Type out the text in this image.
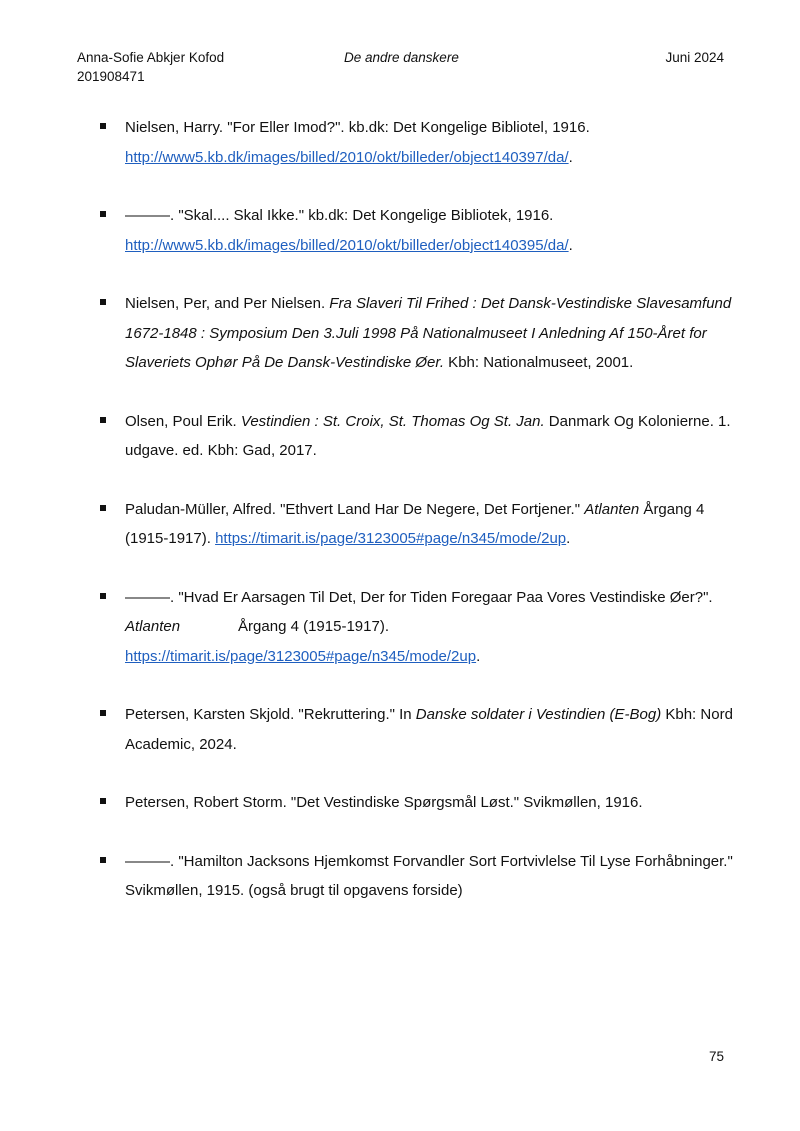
Anna-Sofie Abkjer Kofod
201908471
De andre danskere	Juni 2024
Nielsen, Harry. "For Eller Imod?". kb.dk: Det Kongelige Bibliotel, 1916.
http://www5.kb.dk/images/billed/2010/okt/billeder/object140397/da/.
———. "Skal.... Skal Ikke." kb.dk: Det Kongelige Bibliotek, 1916.
http://www5.kb.dk/images/billed/2010/okt/billeder/object140395/da/.
Nielsen, Per, and Per Nielsen. Fra Slaveri Til Frihed : Det Dansk-Vestindiske Slavesamfund 1672-1848 : Symposium Den 3.Juli 1998 På Nationalmuseet I Anledning Af 150-Året for Slaveriets Ophør På De Dansk-Vestindiske Øer. Kbh: Nationalmuseet, 2001.
Olsen, Poul Erik. Vestindien : St. Croix, St. Thomas Og St. Jan. Danmark Og Kolonierne. 1. udgave. ed. Kbh: Gad, 2017.
Paludan-Müller, Alfred. "Ethvert Land Har De Negere, Det Fortjener." Atlanten Årgang 4 (1915-1917). https://timarit.is/page/3123005#page/n345/mode/2up.
———. "Hvad Er Aarsagen Til Det, Der for Tiden Foregaar Paa Vores Vestindiske Øer?".
Atlanten	Årgang 4 (1915-1917).
https://timarit.is/page/3123005#page/n345/mode/2up.
Petersen, Karsten Skjold. "Rekruttering." In Danske soldater i Vestindien (E-Bog) Kbh: Nord Academic, 2024.
Petersen, Robert Storm. "Det Vestindiske Spørgsmål Løst." Svikmøllen, 1916.
———. "Hamilton Jacksons Hjemkomst Forvandler Sort Fortvivlelse Til Lyse Forhåbninger." Svikmøllen, 1915. (også brugt til opgavens forside)
75
